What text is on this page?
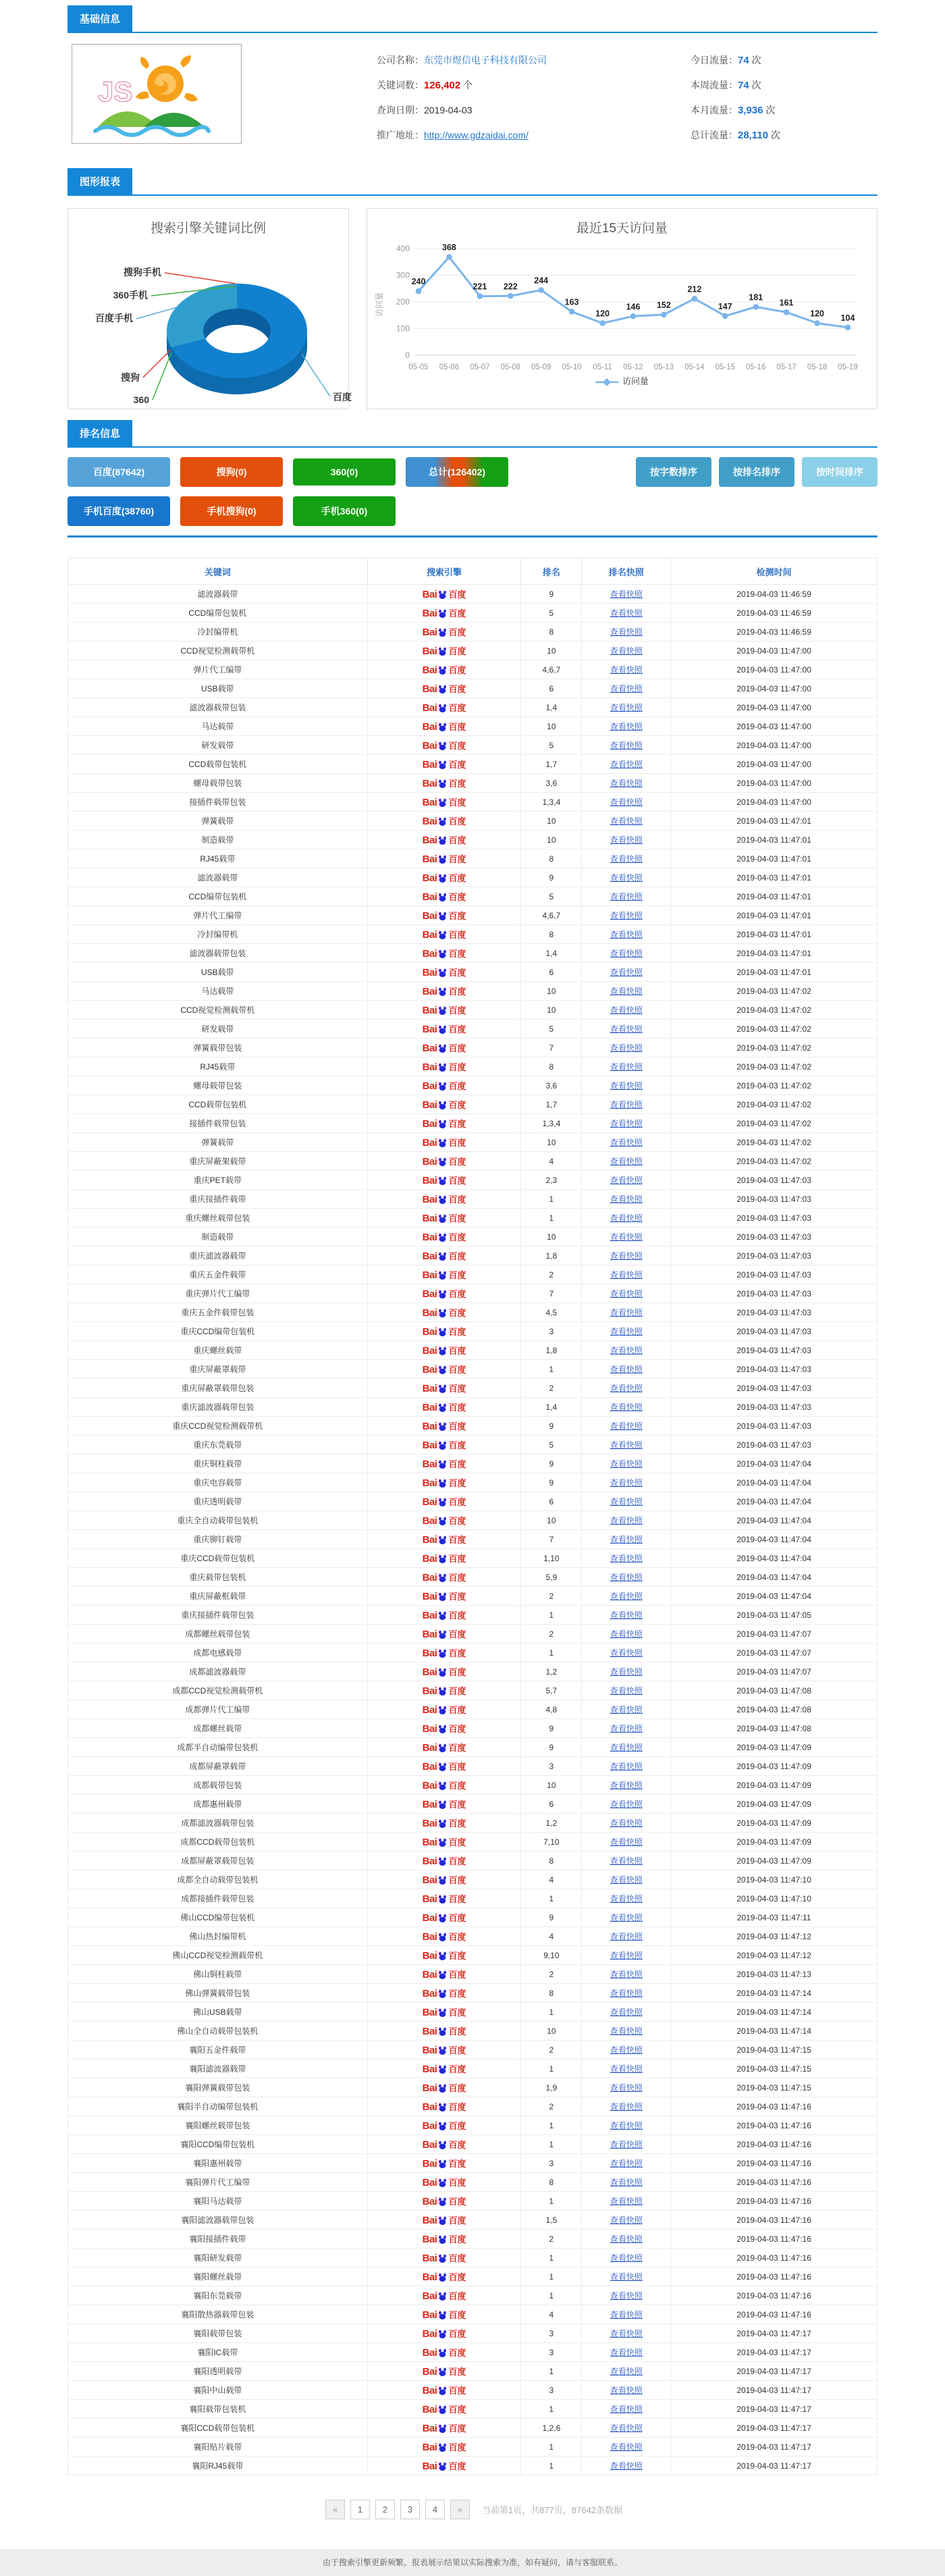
基础信息
JS
公司名称：东莞市煜信电子科技有限公司
关键词数：126,402 个
查询日期：2019-04-03
推广地址：http://www.gdzaidai.com/
今日流量：74 次
本周流量：74 次
本月流量：3,936 次
总计流量：28,110 次
图形报表
搜索引擎关键词比例
搜狗手机
360手机
百度手机
搜狗
360	百度
最近15天访问量
0
100
200
300
400
240
05-05
368
05-06
221
05-07
222
05-08
244
05-09
163
05-10
120
05-11
146
05-12
152
05-13
212
05-14
147
05-15
181
05-16
161
05-17
120
05-18
104
05-19
访问量
访问量
排名信息
百度(87642)	搜狗(0)	360(0)	总计(126402)	按字数排序	按排名排序	按时间排序
手机百度(38760)	手机搜狗(0)	手机360(0)
关键词	搜索引擎	排名	排名快照	检测时间
滤波器载带	Bai 百度	9	查看快照	2019-04-03 11:46:59
CCD编带包装机	Bai 百度	5	查看快照	2019-04-03 11:46:59
冷封编带机	Bai 百度	8	查看快照	2019-04-03 11:46:59
CCD视觉检测载带机	Bai 百度	10	查看快照	2019-04-03 11:47:00
弹片代工编带	Bai 百度	4,6,7	查看快照	2019-04-03 11:47:00
USB载带	Bai 百度	6	查看快照	2019-04-03 11:47:00
滤波器载带包装	Bai 百度	1,4	查看快照	2019-04-03 11:47:00
马达载带	Bai 百度	10	查看快照	2019-04-03 11:47:00
研发载带	Bai 百度	5	查看快照	2019-04-03 11:47:00
CCD载带包装机	Bai 百度	1,7	查看快照	2019-04-03 11:47:00
螺母载带包装	Bai 百度	3,6	查看快照	2019-04-03 11:47:00
接插件载带包装	Bai 百度	1,3,4	查看快照	2019-04-03 11:47:00
弹簧载带	Bai 百度	10	查看快照	2019-04-03 11:47:01
制造载带	Bai 百度	10	查看快照	2019-04-03 11:47:01
RJ45载带	Bai 百度	8	查看快照	2019-04-03 11:47:01
滤波器载带	Bai 百度	9	查看快照	2019-04-03 11:47:01
CCD编带包装机	Bai 百度	5	查看快照	2019-04-03 11:47:01
弹片代工编带	Bai 百度	4,6,7	查看快照	2019-04-03 11:47:01
冷封编带机	Bai 百度	8	查看快照	2019-04-03 11:47:01
滤波器载带包装	Bai 百度	1,4	查看快照	2019-04-03 11:47:01
USB载带	Bai 百度	6	查看快照	2019-04-03 11:47:01
马达载带	Bai 百度	10	查看快照	2019-04-03 11:47:02
CCD视觉检测载带机	Bai 百度	10	查看快照	2019-04-03 11:47:02
研发载带	Bai 百度	5	查看快照	2019-04-03 11:47:02
弹簧载带包装	Bai 百度	7	查看快照	2019-04-03 11:47:02
RJ45载带	Bai 百度	8	查看快照	2019-04-03 11:47:02
螺母载带包装	Bai 百度	3,6	查看快照	2019-04-03 11:47:02
CCD载带包装机	Bai 百度	1,7	查看快照	2019-04-03 11:47:02
接插件载带包装	Bai 百度	1,3,4	查看快照	2019-04-03 11:47:02
弹簧载带	Bai 百度	10	查看快照	2019-04-03 11:47:02
重庆屏蔽架载带	Bai 百度	4	查看快照	2019-04-03 11:47:02
重庆PET载带	Bai 百度	2,3	查看快照	2019-04-03 11:47:03
重庆接插件载带	Bai 百度	1	查看快照	2019-04-03 11:47:03
重庆螺丝载带包装	Bai 百度	1	查看快照	2019-04-03 11:47:03
制造载带	Bai 百度	10	查看快照	2019-04-03 11:47:03
重庆滤波器载带	Bai 百度	1,8	查看快照	2019-04-03 11:47:03
重庆五金件载带	Bai 百度	2	查看快照	2019-04-03 11:47:03
重庆弹片代工编带	Bai 百度	7	查看快照	2019-04-03 11:47:03
重庆五金件载带包装	Bai 百度	4,5	查看快照	2019-04-03 11:47:03
重庆CCD编带包装机	Bai 百度	3	查看快照	2019-04-03 11:47:03
重庆螺丝载带	Bai 百度	1,8	查看快照	2019-04-03 11:47:03
重庆屏蔽罩载带	Bai 百度	1	查看快照	2019-04-03 11:47:03
重庆屏蔽罩载带包装	Bai 百度	2	查看快照	2019-04-03 11:47:03
重庆滤波器载带包装	Bai 百度	1,4	查看快照	2019-04-03 11:47:03
重庆CCD视觉检测载带机	Bai 百度	9	查看快照	2019-04-03 11:47:03
重庆东莞载带	Bai 百度	5	查看快照	2019-04-03 11:47:03
重庆铜柱载带	Bai 百度	9	查看快照	2019-04-03 11:47:04
重庆电容载带	Bai 百度	9	查看快照	2019-04-03 11:47:04
重庆透明载带	Bai 百度	6	查看快照	2019-04-03 11:47:04
重庆全自动载带包装机	Bai 百度	10	查看快照	2019-04-03 11:47:04
重庆铆钉载带	Bai 百度	7	查看快照	2019-04-03 11:47:04
重庆CCD载带包装机	Bai 百度	1,10	查看快照	2019-04-03 11:47:04
重庆载带包装机	Bai 百度	5,9	查看快照	2019-04-03 11:47:04
重庆屏蔽框载带	Bai 百度	2	查看快照	2019-04-03 11:47:04
重庆接插件载带包装	Bai 百度	1	查看快照	2019-04-03 11:47:05
成都螺丝载带包装	Bai 百度	2	查看快照	2019-04-03 11:47:07
成都电感载带	Bai 百度	1	查看快照	2019-04-03 11:47:07
成都滤波器载带	Bai 百度	1,2	查看快照	2019-04-03 11:47:07
成都CCD视觉检测载带机	Bai 百度	5,7	查看快照	2019-04-03 11:47:08
成都弹片代工编带	Bai 百度	4,8	查看快照	2019-04-03 11:47:08
成都螺丝载带	Bai 百度	9	查看快照	2019-04-03 11:47:08
成都半自动编带包装机	Bai 百度	9	查看快照	2019-04-03 11:47:09
成都屏蔽罩载带	Bai 百度	3	查看快照	2019-04-03 11:47:09
成都载带包装	Bai 百度	10	查看快照	2019-04-03 11:47:09
成都惠州载带	Bai 百度	6	查看快照	2019-04-03 11:47:09
成都滤波器载带包装	Bai 百度	1,2	查看快照	2019-04-03 11:47:09
成都CCD载带包装机	Bai 百度	7,10	查看快照	2019-04-03 11:47:09
成都屏蔽罩载带包装	Bai 百度	8	查看快照	2019-04-03 11:47:09
成都全自动载带包装机	Bai 百度	4	查看快照	2019-04-03 11:47:10
成都接插件载带包装	Bai 百度	1	查看快照	2019-04-03 11:47:10
佛山CCD编带包装机	Bai 百度	9	查看快照	2019-04-03 11:47:11
佛山热封编带机	Bai 百度	4	查看快照	2019-04-03 11:47:12
佛山CCD视觉检测载带机	Bai 百度	9,10	查看快照	2019-04-03 11:47:12
佛山铜柱载带	Bai 百度	2	查看快照	2019-04-03 11:47:13
佛山弹簧载带包装	Bai 百度	8	查看快照	2019-04-03 11:47:14
佛山USB载带	Bai 百度	1	查看快照	2019-04-03 11:47:14
佛山全自动载带包装机	Bai 百度	10	查看快照	2019-04-03 11:47:14
襄阳五金件载带	Bai 百度	2	查看快照	2019-04-03 11:47:15
襄阳滤波器载带	Bai 百度	1	查看快照	2019-04-03 11:47:15
襄阳弹簧载带包装	Bai 百度	1,9	查看快照	2019-04-03 11:47:15
襄阳半自动编带包装机	Bai 百度	2	查看快照	2019-04-03 11:47:16
襄阳螺丝载带包装	Bai 百度	1	查看快照	2019-04-03 11:47:16
襄阳CCD编带包装机	Bai 百度	1	查看快照	2019-04-03 11:47:16
襄阳惠州载带	Bai 百度	3	查看快照	2019-04-03 11:47:16
襄阳弹片代工编带	Bai 百度	8	查看快照	2019-04-03 11:47:16
襄阳马达载带	Bai 百度	1	查看快照	2019-04-03 11:47:16
襄阳滤波器载带包装	Bai 百度	1,5	查看快照	2019-04-03 11:47:16
襄阳接插件载带	Bai 百度	2	查看快照	2019-04-03 11:47:16
襄阳研发载带	Bai 百度	1	查看快照	2019-04-03 11:47:16
襄阳螺丝载带	Bai 百度	1	查看快照	2019-04-03 11:47:16
襄阳东莞载带	Bai 百度	1	查看快照	2019-04-03 11:47:16
襄阳散热器载带包装	Bai 百度	4	查看快照	2019-04-03 11:47:16
襄阳载带包装	Bai 百度	3	查看快照	2019-04-03 11:47:17
襄阳IC载带	Bai 百度	3	查看快照	2019-04-03 11:47:17
襄阳透明载带	Bai 百度	1	查看快照	2019-04-03 11:47:17
襄阳中山载带	Bai 百度	3	查看快照	2019-04-03 11:47:17
襄阳载带包装机	Bai 百度	1	查看快照	2019-04-03 11:47:17
襄阳CCD载带包装机	Bai 百度	1,2,6	查看快照	2019-04-03 11:47:17
襄阳贴片载带	Bai 百度	1	查看快照	2019-04-03 11:47:17
襄阳RJ45载带	Bai 百度	1	查看快照	2019-04-03 11:47:17
« 1 2 3 4 »	当前第1页，共877页，87642条数据
由于搜索引擎更新频繁，报表展示结果以实际搜索为准，如有疑问，请与客服联系。
